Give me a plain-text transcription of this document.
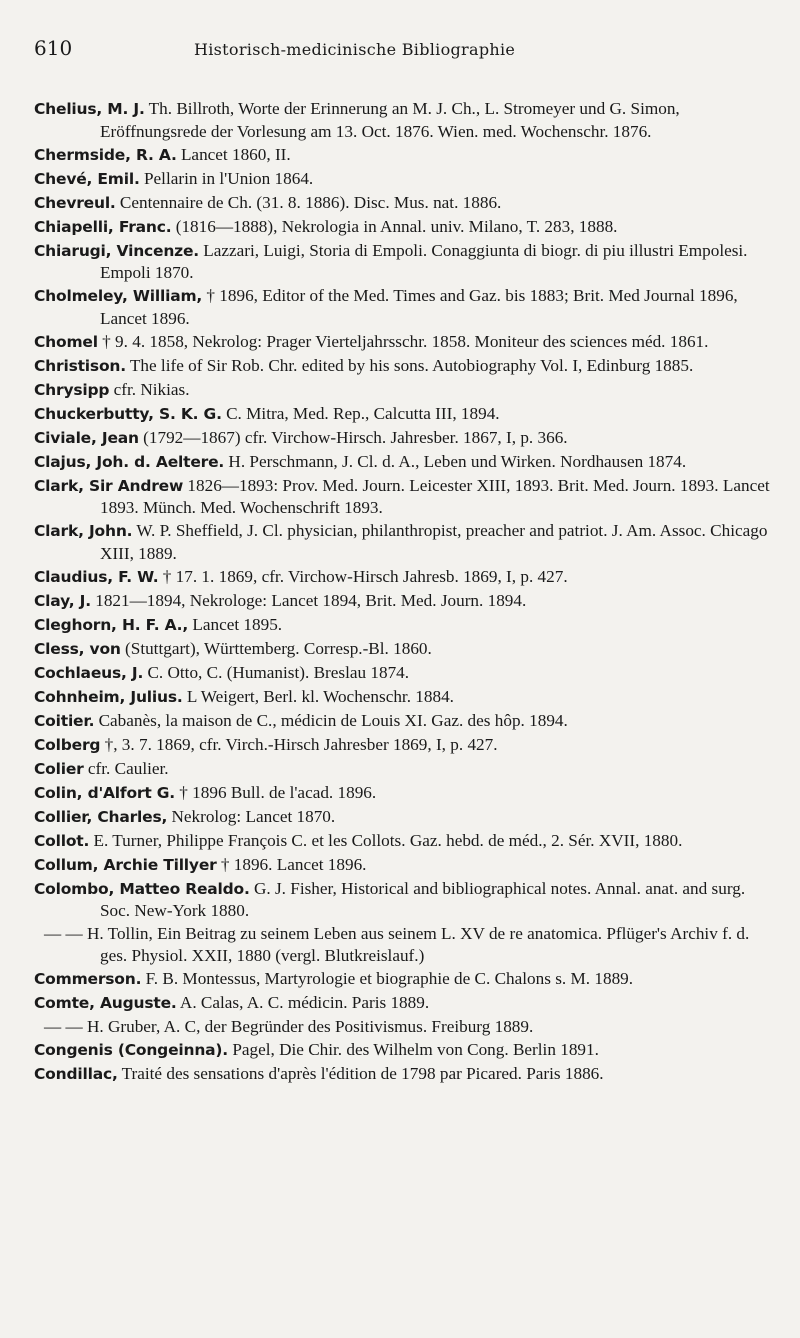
610	Historisch-medicinische Bibliographie

Chelius, M. J. Th. Billroth, Worte der Erinnerung an M. J. Ch., L. Stromeyer und G. Simon, Eröffnungsrede der Vorlesung am 13. Oct. 1876. Wien. med. Wochenschr. 1876.

Chermside, R. A. Lancet 1860, II.

Chevé, Emil. Pellarin in l'Union 1864.

Chevreul. Centennaire de Ch. (31. 8. 1886). Disc. Mus. nat. 1886.

Chiapelli, Franc. (1816—1888), Nekrologia in Annal. univ. Milano, T. 283, 1888.

Chiarugi, Vincenze. Lazzari, Luigi, Storia di Empoli. Conaggiunta di biogr. di piu illustri Empolesi. Empoli 1870.

Cholmeley, William, † 1896, Editor of the Med. Times and Gaz. bis 1883; Brit. Med Journal 1896, Lancet 1896.

Chomel † 9. 4. 1858, Nekrolog: Prager Vierteljahrsschr. 1858. Moniteur des sciences méd. 1861.

Christison. The life of Sir Rob. Chr. edited by his sons. Autobiography Vol. I, Edinburg 1885.

Chrysipp cfr. Nikias.

Chuckerbutty, S. K. G. C. Mitra, Med. Rep., Calcutta III, 1894.

Civiale, Jean (1792—1867) cfr. Virchow-Hirsch. Jahresber. 1867, I, p. 366.

Clajus, Joh. d. Aeltere. H. Perschmann, J. Cl. d. A., Leben und Wirken. Nordhausen 1874.

Clark, Sir Andrew 1826—1893: Prov. Med. Journ. Leicester XIII, 1893. Brit. Med. Journ. 1893. Lancet 1893. Münch. Med. Wochenschrift 1893.

Clark, John. W. P. Sheffield, J. Cl. physician, philanthropist, preacher and patriot. J. Am. Assoc. Chicago XIII, 1889.

Claudius, F. W. † 17. 1. 1869, cfr. Virchow-Hirsch Jahresb. 1869, I, p. 427.

Clay, J. 1821—1894, Nekrologe: Lancet 1894, Brit. Med. Journ. 1894.

Cleghorn, H. F. A., Lancet 1895.

Cless, von (Stuttgart), Württemberg. Corresp.-Bl. 1860.

Cochlaeus, J. C. Otto, C. (Humanist). Breslau 1874.

Cohnheim, Julius. L Weigert, Berl. kl. Wochenschr. 1884.

Coitier. Cabanès, la maison de C., médicin de Louis XI. Gaz. des hôp. 1894.

Colberg †, 3. 7. 1869, cfr. Virch.-Hirsch Jahresber 1869, I, p. 427.

Colier cfr. Caulier.

Colin, d'Alfort G. † 1896 Bull. de l'acad. 1896.

Collier, Charles, Nekrolog: Lancet 1870.

Collot. E. Turner, Philippe François C. et les Collots. Gaz. hebd. de méd., 2. Sér. XVII, 1880.

Collum, Archie Tillyer † 1896. Lancet 1896.

Colombo, Matteo Realdo. G. J. Fisher, Historical and bibliographical notes. Annal. anat. and surg. Soc. New-York 1880.

— — H. Tollin, Ein Beitrag zu seinem Leben aus seinem L. XV de re anatomica. Pflüger's Archiv f. d. ges. Physiol. XXII, 1880 (vergl. Blutkreislauf.)

Commerson. F. B. Montessus, Martyrologie et biographie de C. Chalons s. M. 1889.

Comte, Auguste. A. Calas, A. C. médicin. Paris 1889.

— — H. Gruber, A. C, der Begründer des Positivismus. Freiburg 1889.

Congenis (Congeinna). Pagel, Die Chir. des Wilhelm von Cong. Berlin 1891.

Condillac, Traité des sensations d'après l'édition de 1798 par Picared. Paris 1886.
